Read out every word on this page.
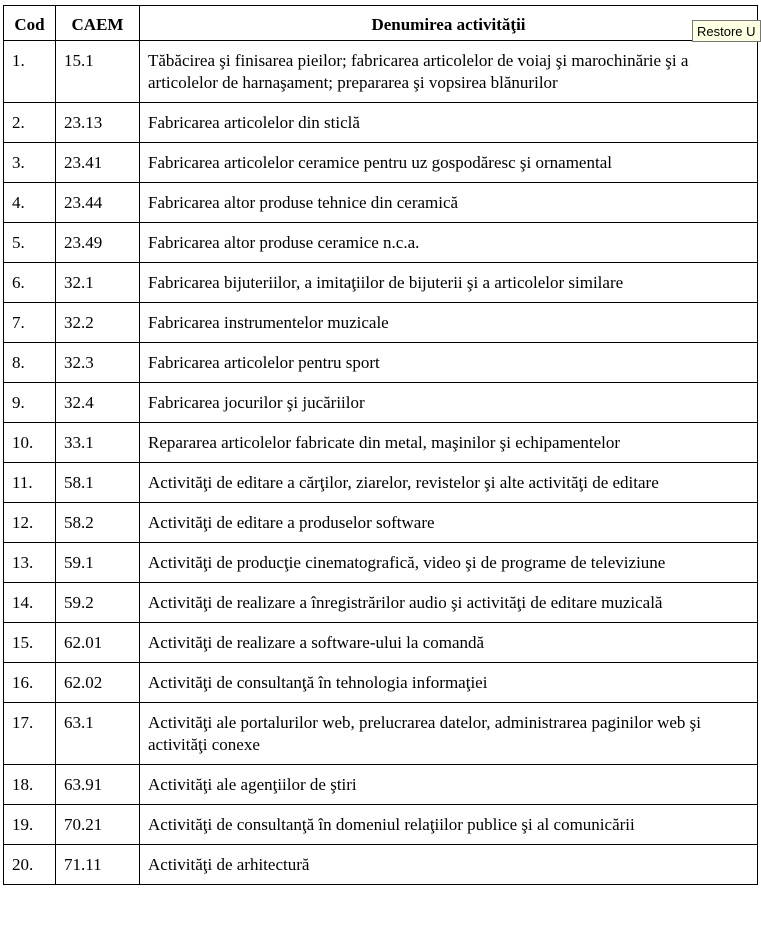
Cod	CAEM	Denumirea activităţii
1.	15.1	Tăbăcirea şi finisarea pieilor; fabricarea articolelor de voiaj şi marochinărie şi a articolelor de harnaşament; prepararea şi vopsirea blănurilor
2.	23.13	Fabricarea articolelor din sticlă
3.	23.41	Fabricarea articolelor ceramice pentru uz gospodăresc şi ornamental
4.	23.44	Fabricarea altor produse tehnice din ceramică
5.	23.49	Fabricarea altor produse ceramice n.c.a.
6.	32.1	Fabricarea bijuteriilor, a imitaţiilor de bijuterii şi a articolelor similare
7.	32.2	Fabricarea instrumentelor muzicale
8.	32.3	Fabricarea articolelor pentru sport
9.	32.4	Fabricarea jocurilor şi jucăriilor
10.	33.1	Repararea articolelor fabricate din metal, maşinilor şi echipamentelor
11.	58.1	Activităţi de editare a cărţilor, ziarelor, revistelor şi alte activităţi de editare
12.	58.2	Activităţi de editare a produselor software
13.	59.1	Activităţi de producţie cinematografică, video şi de programe de televiziune
14.	59.2	Activităţi de realizare a înregistrărilor audio şi activităţi de editare muzicală
15.	62.01	Activităţi de realizare a software-ului la comandă
16.	62.02	Activităţi de consultanţă în tehnologia informaţiei
17.	63.1	Activităţi ale portalurilor web, prelucrarea datelor, administrarea paginilor web şi activităţi conexe
18.	63.91	Activităţi ale agenţiilor de ştiri
19.	70.21	Activităţi de consultanţă în domeniul relaţiilor publice şi al comunicării
20.	71.11	Activităţi de arhitectură
Restore U
